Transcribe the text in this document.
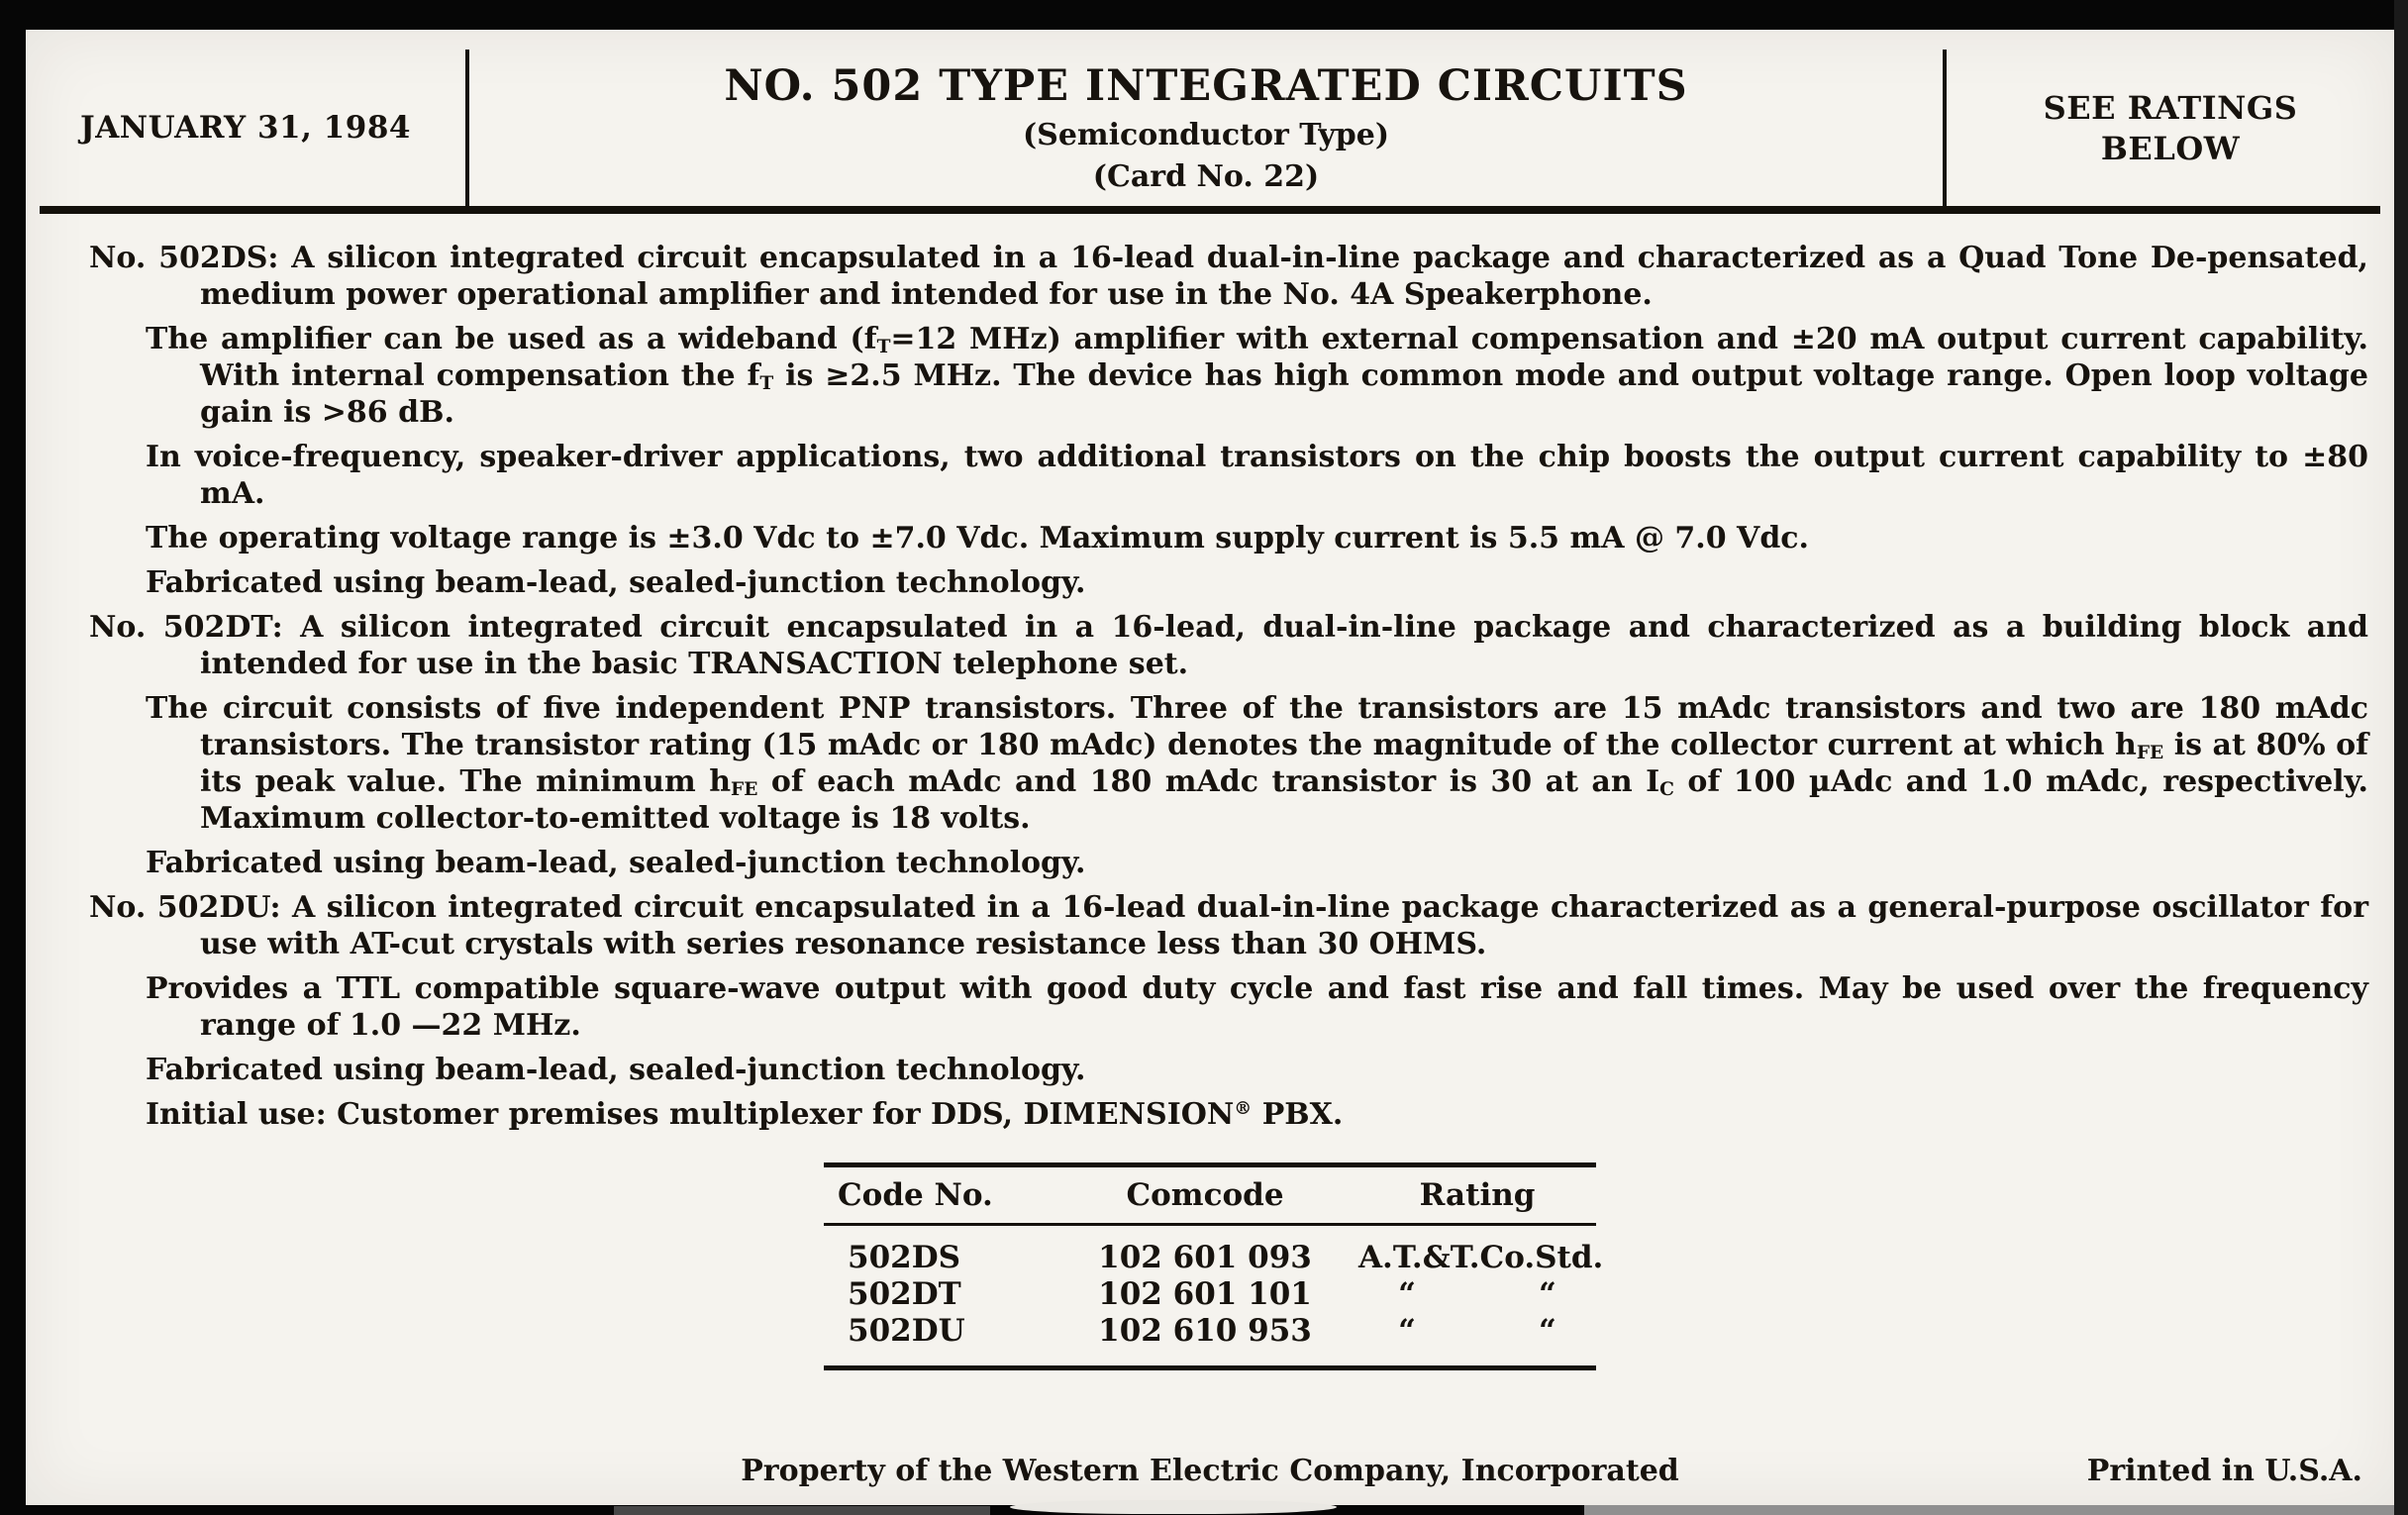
JANUARY 31, 1984
NO. 502 TYPE INTEGRATED CIRCUITS
(Semiconductor Type)
(Card No. 22)
SEE RATINGS
BELOW

No. 502DS: A silicon integrated circuit encapsulated in a 16-lead dual-in-line package and characterized as a Quad Tone De-pensated, medium power operational amplifier and intended for use in the No. 4A Speakerphone.

The amplifier can be used as a wideband ($f_T=12$ MHz) amplifier with external compensation and ±20 mA output current capability. With internal compensation the $f_T$ is ≥2.5 MHz. The device has high common mode and output voltage range. Open loop voltage gain is >86 dB.

In voice-frequency, speaker-driver applications, two additional transistors on the chip boosts the output current capability to ±80 mA.

The operating voltage range is ±3.0 Vdc to ±7.0 Vdc. Maximum supply current is 5.5 mA @ 7.0 Vdc.

Fabricated using beam-lead, sealed-junction technology.

No. 502DT: A silicon integrated circuit encapsulated in a 16-lead, dual-in-line package and characterized as a building block and intended for use in the basic TRANSACTION telephone set.

The circuit consists of five independent PNP transistors. Three of the transistors are 15 mAdc transistors and two are 180 mAdc transistors. The transistor rating (15 mAdc or 180 mAdc) denotes the magnitude of the collector current at which $h_{FE}$ is at 80% of its peak value. The minimum $h_{FE}$ of each mAdc and 180 mAdc transistor is 30 at an $I_C$ of 100 µAdc and 1.0 mAdc, respectively. Maximum collector-to-emitted voltage is 18 volts.

Fabricated using beam-lead, sealed-junction technology.

No. 502DU: A silicon integrated circuit encapsulated in a 16-lead dual-in-line package characterized as a general-purpose oscillator for use with AT-cut crystals with series resonance resistance less than 30 OHMS.

Provides a TTL compatible square-wave output with good duty cycle and fast rise and fall times. May be used over the frequency range of 1.0 —22 MHz.

Fabricated using beam-lead, sealed-junction technology.

Initial use: Customer premises multiplexer for DDS, DIMENSION® PBX.

Code No.	Comcode	Rating
502DS	102 601 093	A.T.&T.Co.Std.
502DT	102 601 101	“    “
502DU	102 610 953	“    “
Property of the Western Electric Company, Incorporated	Printed in U.S.A.
